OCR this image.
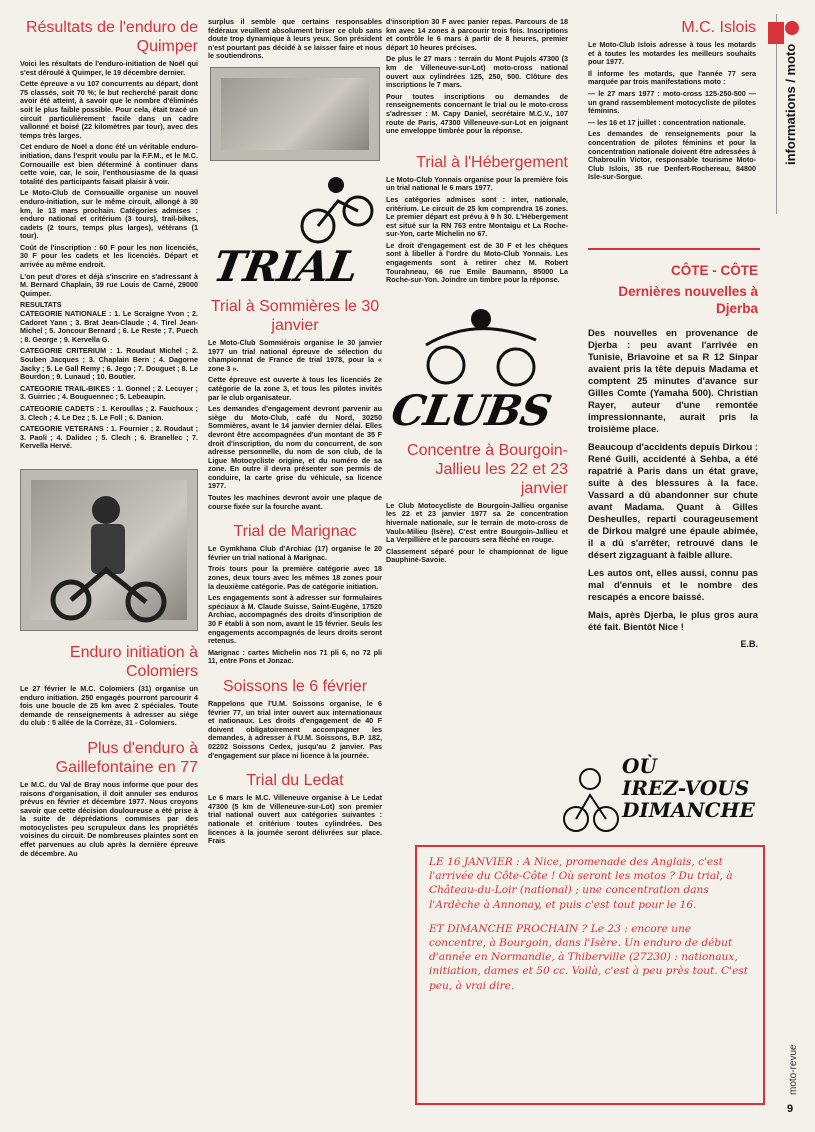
Résultats de l'enduro de Quimper

Voici les résultats de l'enduro-initiation de Noël qui s'est déroulé à Quimper, le 19 décembre dernier.

Cette épreuve a vu 107 concurrents au départ, dont 75 classés, soit 70 %; le but recherché parait donc avoir été atteint, à savoir que le nombre d'éliminés soit le plus faible possible. Pour cela, était tracé un circuit particulièrement facile dans un cadre vallonné et boisé (22 kilomètres par tour), avec des temps très larges.

Cet enduro de Noël a donc été un véritable enduro-initiation, dans l'esprit voulu par la F.F.M., et le M.C. Cornouaille est bien déterminé à continuer dans cette voie, car, le soir, l'enthousiasme de la quasi totalité des participants faisait plaisir à voir.

Le Moto-Club de Cornouaille organise un nouvel enduro-initiation, sur le même circuit, allongé à 30 km, le 13 mars prochain. Catégories admises : enduro national et critérium (3 tours), trail-bikes, cadets (2 tours, temps plus larges), vétérans (1 tour).

Coût de l'inscription : 60 F pour les non licenciés, 30 F pour les cadets et les licenciés. Départ et arrivée au même endroit.

L'on peut d'ores et déjà s'inscrire en s'adressant à M. Bernard Chaplain, 39 rue Louis de Carné, 29000 Quimper.

RESULTATS

CATEGORIE NATIONALE : 1. Le Scraigne Yvon ; 2. Cadoret Yann ; 3. Brat Jean-Claude ; 4. Tirel Jean-Michel ; 5. Joncour Bernard ; 6. Le Reste ; 7. Puech ; 8. George ; 9. Kervella G.

CATEGORIE CRITERIUM : 1. Roudaut Michel ; 2. Souben Jacques ; 3. Chaplain Bern ; 4. Dagorne Jacky ; 5. Le Gall Remy ; 6. Jego ; 7. Douguet ; 8. Le Bourdon ; 9. Lunaud ; 10. Boutier.

CATEGORIE TRAIL-BIKES : 1. Gonnel ; 2. Lecuyer ; 3. Guirriec ; 4. Bouguennec ; 5. Lebeaupin.

CATEGORIE CADETS : 1. Keroullas ; 2. Fauchoux ; 3. Clech ; 4. Le Dez ; 5. Le Foll ; 6. Danion.

CATEGORIE VETERANS : 1. Fournier ; 2. Roudaut ; 3. Paoli ; 4. Dalidec ; 5. Clech ; 6. Branellec ; 7. Kervella Hervé.

Enduro initiation à Colomiers

Le 27 février le M.C. Colomiers (31) organise un enduro initiation. 250 engagés pourront parcourir 4 fois une boucle de 25 km avec 2 spéciales. Toute demande de renseignements à adresser au siège du club : 5 allée de la Corrèze, 31 - Colomiers.

Plus d'enduro à Gaillefontaine en 77

Le M.C. du Val de Bray nous informe que pour des raisons d'organisation, il doit annuler ses enduros prévus en février et décembre 1977. Nous croyons savoir que cette décision douloureuse a été prise à la suite de déprédations commises par des motocyclistes peu scrupuleux dans les propriétés voisines du circuit. De nombreuses plaintes sont en effet parvenues au club après la dernière épreuve de décembre. Au

surplus il semble que certains responsables fédéraux veuillent absolument briser ce club sans doute trop dynamique à leurs yeux. Son président n'est pourtant pas décidé à se laisser faire et nous le soutiendrons.

TRIAL
Trial à Sommières le 30 janvier

Le Moto-Club Sommiérois organise le 30 janvier 1977 un trial national épreuve de sélection du championnat de France de trial 1978, pour la « zone 3 ».

Cette épreuve est ouverte à tous les licenciés 2e catégorie de la zone 3, et tous les pilotes invités par le club organisateur.

Les demandes d'engagement devront parvenir au siège du Moto-Club, café du Nord, 30250 Sommières, avant le 14 janvier dernier délai. Elles devront être accompagnées d'un montant de 35 F droit d'inscription, du nom du concurrent, de son adresse personnelle, du nom de son club, de la Ligue Motocycliste origine, et du numéro de sa zone. En outre il devra présenter son permis de conduire, la carte grise du véhicule, sa licence 1977.

Toutes les machines devront avoir une plaque de course fixée sur la fourche avant.

Trial de Marignac

Le Gymkhana Club d'Archiac (17) organise le 20 février un trial national à Marignac.

Trois tours pour la première catégorie avec 18 zones, deux tours avec les mêmes 18 zones pour la deuxième catégorie. Pas de catégorie initiation.

Les engagements sont à adresser sur formulaires spéciaux à M. Claude Suisse, Saint-Eugène, 17520 Archiac, accompagnés des droits d'inscription de 30 F établi à son nom, avant le 15 février. Seuls les engagements accompagnés de leurs droits seront retenus.

Marignac : cartes Michelin nos 71 pli 6, no 72 pli 11, entre Pons et Jonzac.

Soissons le 6 février

Rappelons que l'U.M. Soissons organise, le 6 février 77, un trial inter ouvert aux internationaux et nationaux. Les droits d'engagement de 40 F doivent obligatoirement accompagner les demandes, à adresser à l'U.M. Soissons, B.P. 182, 02202 Soissons Cedex, jusqu'au 2 janvier. Pas d'engagement sur place ni licence à la journée.

Trial du Ledat

Le 6 mars le M.C. Villeneuve organise à Le Ledat 47300 (5 km de Villeneuve-sur-Lot) son premier trial national ouvert aux catégories suivantes : nationale et critérium toutes cylindrées. Des licences à la journée seront délivrées sur place. Frais

d'inscription 30 F avec panier repas. Parcours de 18 km avec 14 zones à parcourir trois fois. Inscriptions et contrôle le 6 mars à partir de 8 heures, premier départ 10 heures précises.

De plus le 27 mars : terrain du Mont Pujols 47300 (3 km de Villeneuve-sur-Lot) moto-cross national ouvert aux cylindrées 125, 250, 500. Clôture des inscriptions le 7 mars.

Pour toutes inscriptions ou demandes de renseignements concernant le trial ou le moto-cross s'adresser : M. Capy Daniel, secrétaire M.C.V., 107 route de Paris, 47300 Villeneuve-sur-Lot en joignant une enveloppe timbrée pour la réponse.

Trial à l'Hébergement

Le Moto-Club Yonnais organise pour la première fois un trial national le 6 mars 1977.

Les catégories admises sont : inter, nationale, critérium. Le circuit de 25 km comprendra 16 zones. Le premier départ est prévu à 9 h 30. L'Hébergement est situé sur la RN 763 entre Montaigu et La Roche-sur-Yon, carte Michelin no 67.

Le droit d'engagement est de 30 F et les chèques sont à libeller à l'ordre du Moto-Club Yonnais. Les engagements sont à retirer chez M. Robert Tourahneau, 66 rue Emile Baumann, 85000 La Roche-sur-Yon. Joindre un timbre pour la réponse.

CLUBS
Concentre à Bourgoin-Jallieu les 22 et 23 janvier

Le Club Motocycliste de Bourgoin-Jallieu organise les 22 et 23 janvier 1977 sa 2e concentration hivernale nationale, sur le terrain de moto-cross de Vaulx-Milieu (Isère). C'est entre Bourgoin-Jallieu et La Verpillière et le parcours sera fléché en rouge.

Classement séparé pour le championnat de ligue Dauphiné-Savoie.

M.C. Islois

Le Moto-Club Islois adresse à tous les motards et à toutes les motardes les meilleurs souhaits pour 1977.

Il informe les motards, que l'année 77 sera marquée par trois manifestations moto :

— le 27 mars 1977 : moto-cross 125-250-500 — un grand rassemblement motocycliste de pilotes féminins.

— les 16 et 17 juillet : concentration nationale.

Les demandes de renseignements pour la concentration de pilotes féminins et pour la concentration nationale doivent être adressées à Chabroulin Victor, responsable tourisme Moto-Club Islois, 35 rue Denfert-Rochereau, 84800 Isle-sur-Sorgue.

CÔTE - CÔTE
Dernières nouvelles à Djerba

Des nouvelles en provenance de Djerba : peu avant l'arrivée en Tunisie, Briavoine et sa R 12 Sinpar avaient pris la tête depuis Madama et comptent 25 minutes d'avance sur Gilles Comte (Yamaha 500). Christian Rayer, auteur d'une remontée impressionnante, aurait pris la troisième place.

Beaucoup d'accidents depuis Dirkou : René Guili, accidenté à Sehba, a été rapatrié à Paris dans un état grave, suite à des blessures à la face. Vassard a dû abandonner sur chute avant Madama. Quant à Gilles Desheulles, reparti courageusement de Dirkou malgré une épaule abimée, il a dû s'arrêter, retrouvé dans le désert zigzaguant à faible allure.

Les autos ont, elles aussi, connu pas mal d'ennuis et le nombre des rescapés a encore baissé.

Mais, après Djerba, le plus gros aura été fait. Bientôt Nice !

E.B.
OÙ
IREZ-VOUS
DIMANCHE

LE 16 JANVIER : A Nice, promenade des Anglais, c'est l'arrivée du Côte-Côte ! Où seront les motos ? Du trial, à Château-du-Loir (national) ; une concentration dans l'Ardèche à Annonay, et puis c'est tout pour le 16.

ET DIMANCHE PROCHAIN ? Le 23 : encore une concentre, à Bourgoin, dans l'Isère. Un enduro de début d'année en Normandie, à Thiberville (27230) : nationaux, initiation, dames et 50 cc. Voilà, c'est à peu près tout. C'est peu, à vrai dire.

informations / moto
moto-revue
9
